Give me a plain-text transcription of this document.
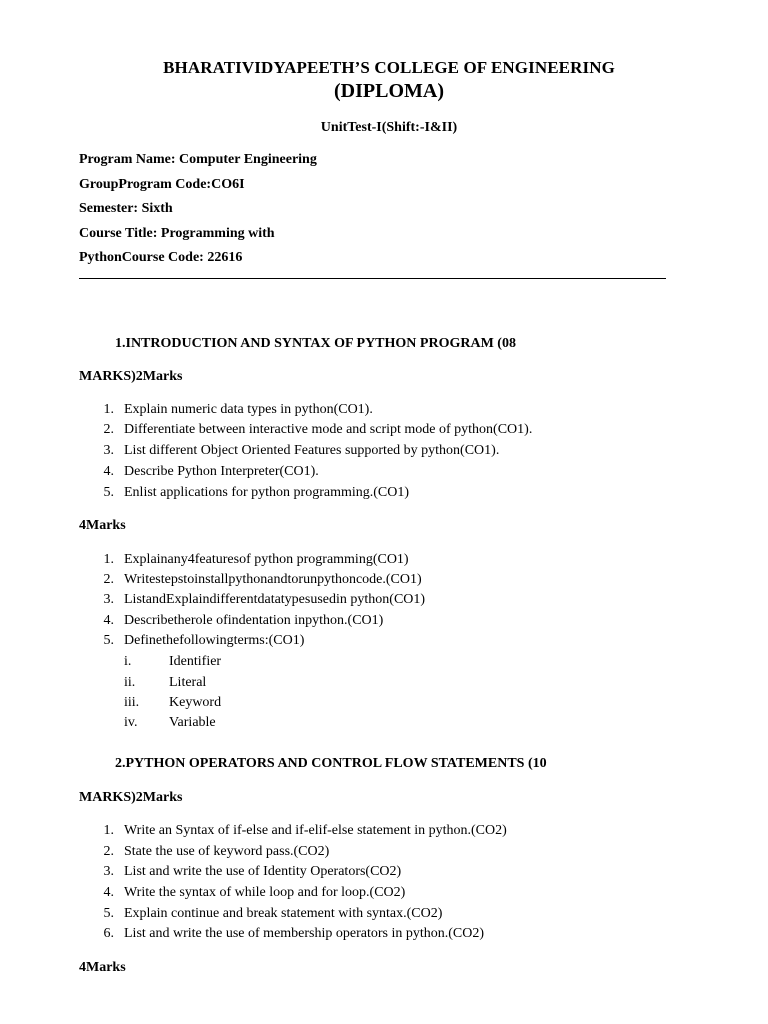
BHARATIVIDYAPEETH’S COLLEGE OF ENGINEERING
(DIPLOMA)
UnitTest-I(Shift:-I&II)
Program Name: Computer Engineering
GroupProgram Code:CO6I
Semester: Sixth
Course Title: Programming with
PythonCourse Code: 22616
1.INTRODUCTION AND SYNTAX OF PYTHON PROGRAM (08
MARKS)2Marks
1. Explain numeric data types in python(CO1).
2. Differentiate between interactive mode and script mode of python(CO1).
3. List different Object Oriented Features supported by python(CO1).
4. Describe Python Interpreter(CO1).
5. Enlist applications for python programming.(CO1)
4Marks
1. Explainany4featuresof python programming(CO1)
2. Writestepstoinstallpythonandtorunpythoncode.(CO1)
3. ListandExplaindifferentdatatypesusedin python(CO1)
4. Describetherole ofindentation inpython.(CO1)
5. Definethefollowingterms:(CO1)
i.	Identifier
ii. Literal
iii. Keyword
iv. Variable
2.PYTHON OPERATORS AND CONTROL FLOW STATEMENTS (10
MARKS)2Marks
1. Write an Syntax of if-else and if-elif-else statement in python.(CO2)
2. State the use of keyword pass.(CO2)
3. List and write the use of Identity Operators(CO2)
4. Write the syntax of while loop and for loop.(CO2)
5. Explain continue and break statement with syntax.(CO2)
6. List and write the use of membership operators in python.(CO2)
4Marks
